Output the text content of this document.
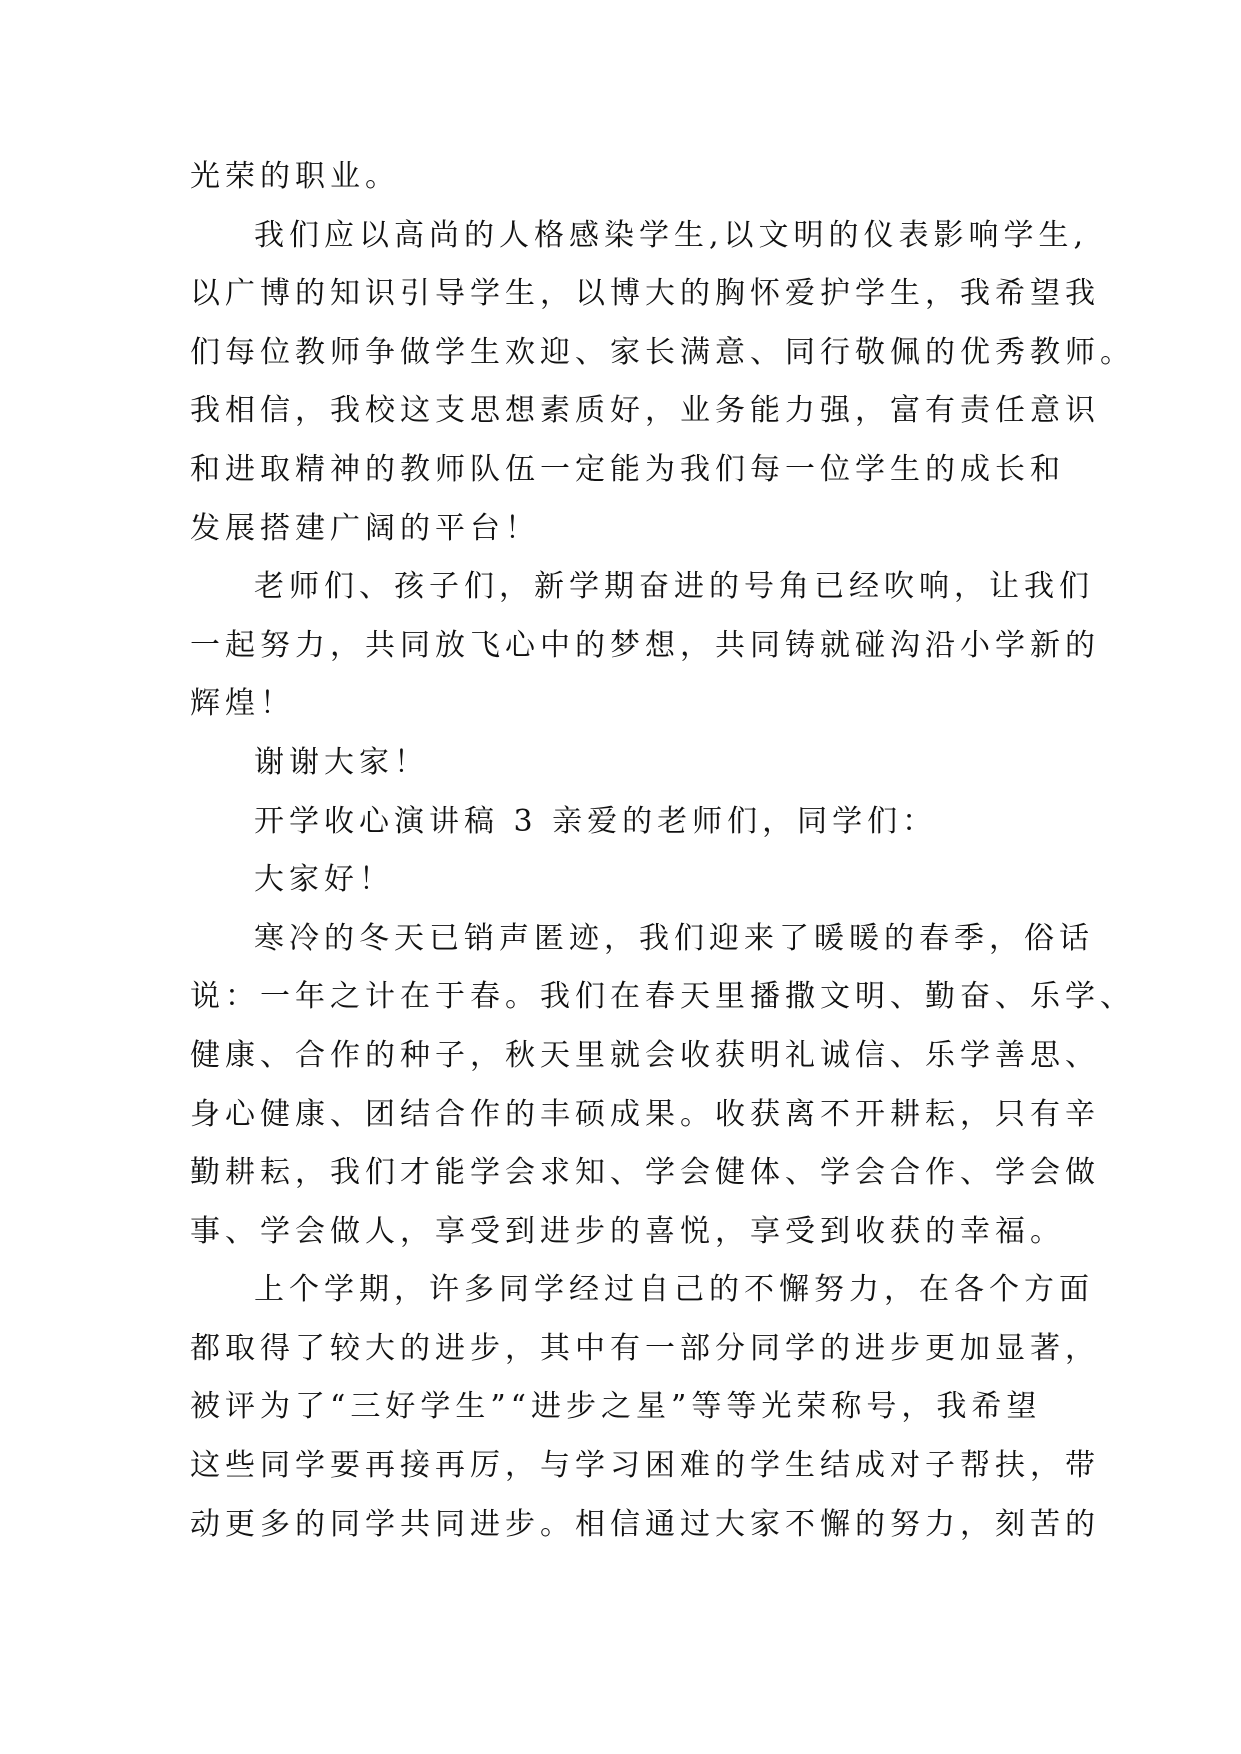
光荣的职业。
我们应以高尚的人格感染学生,以文明的仪表影响学生,
以广博的知识引导学生，以博大的胸怀爱护学生，我希望我
们每位教师争做学生欢迎、家长满意、同行敬佩的优秀教师。
我相信，我校这支思想素质好，业务能力强，富有责任意识
和进取精神的教师队伍一定能为我们每一位学生的成长和
发展搭建广阔的平台！
老师们、孩子们，新学期奋进的号角已经吹响，让我们
一起努力，共同放飞心中的梦想，共同铸就碰沟沿小学新的
辉煌！
谢谢大家！
开学收心演讲稿 3 亲爱的老师们，同学们：
大家好！
寒冷的冬天已销声匿迹，我们迎来了暖暖的春季，俗话
说：一年之计在于春。我们在春天里播撒文明、勤奋、乐学、
健康、合作的种子，秋天里就会收获明礼诚信、乐学善思、
身心健康、团结合作的丰硕成果。收获离不开耕耘，只有辛
勤耕耘，我们才能学会求知、学会健体、学会合作、学会做
事、学会做人，享受到进步的喜悦，享受到收获的幸福。
上个学期，许多同学经过自己的不懈努力，在各个方面
都取得了较大的进步，其中有一部分同学的进步更加显著，
被评为了“三好学生”“进步之星”等等光荣称号，我希望
这些同学要再接再厉，与学习困难的学生结成对子帮扶，带
动更多的同学共同进步。相信通过大家不懈的努力，刻苦的
